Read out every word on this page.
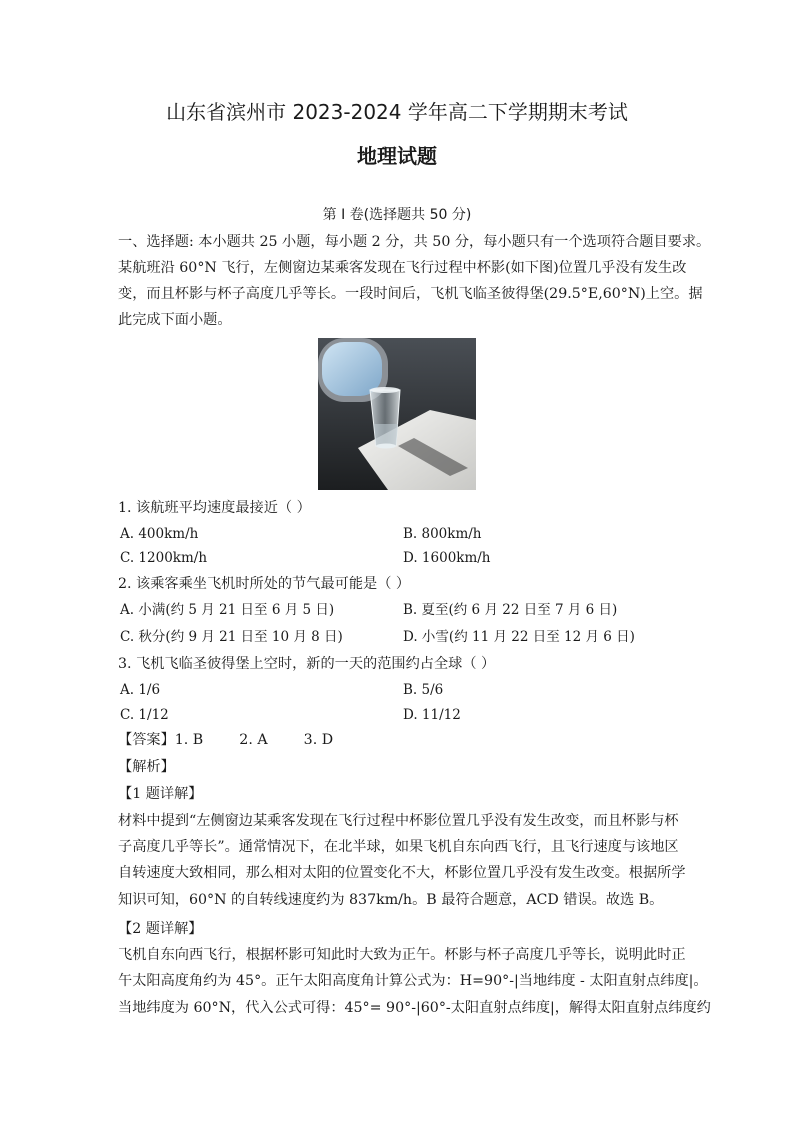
山东省滨州市 2023-2024 学年高二下学期期末考试
地理试题
第 I 卷(选择题共 50 分)
一、选择题: 本小题共 25 小题，每小题 2 分，共 50 分，每小题只有一个选项符合题目要求。
某航班沿 60°N 飞行，左侧窗边某乘客发现在飞行过程中杯影(如下图)位置几乎没有发生改
变，而且杯影与杯子高度几乎等长。一段时间后，飞机飞临圣彼得堡(29.5°E,60°N)上空。据
此完成下面小题。
1. 该航班平均速度最接近（ ）
A. 400km/h	B. 800km/h
C. 1200km/h	D. 1600km/h
2. 该乘客乘坐飞机时所处的节气最可能是（ ）
A. 小满(约 5 月 21 日至 6 月 5 日)	B. 夏至(约 6 月 22 日至 7 月 6 日)
C. 秋分(约 9 月 21 日至 10 月 8 日)	D. 小雪(约 11 月 22 日至 12 月 6 日)
3. 飞机飞临圣彼得堡上空时，新的一天的范围约占全球（ ）
A. 1/6	B. 5/6
C. 1/12	D. 11/12
【答案】1. B        2. A        3. D
【解析】
【1 题详解】
材料中提到“左侧窗边某乘客发现在飞行过程中杯影位置几乎没有发生改变，而且杯影与杯
子高度几乎等长”。通常情况下，在北半球，如果飞机自东向西飞行，且飞行速度与该地区
自转速度大致相同，那么相对太阳的位置变化不大，杯影位置几乎没有发生改变。根据所学
知识可知，60°N 的自转线速度约为 837km/h。B 最符合题意，ACD 错误。故选 B。
【2 题详解】
飞机自东向西飞行，根据杯影可知此时大致为正午。杯影与杯子高度几乎等长，说明此时正
午太阳高度角约为 45°。正午太阳高度角计算公式为：H=90°-|当地纬度 - 太阳直射点纬度|。
当地纬度为 60°N，代入公式可得：45°= 90°-|60°-太阳直射点纬度|，解得太阳直射点纬度约
